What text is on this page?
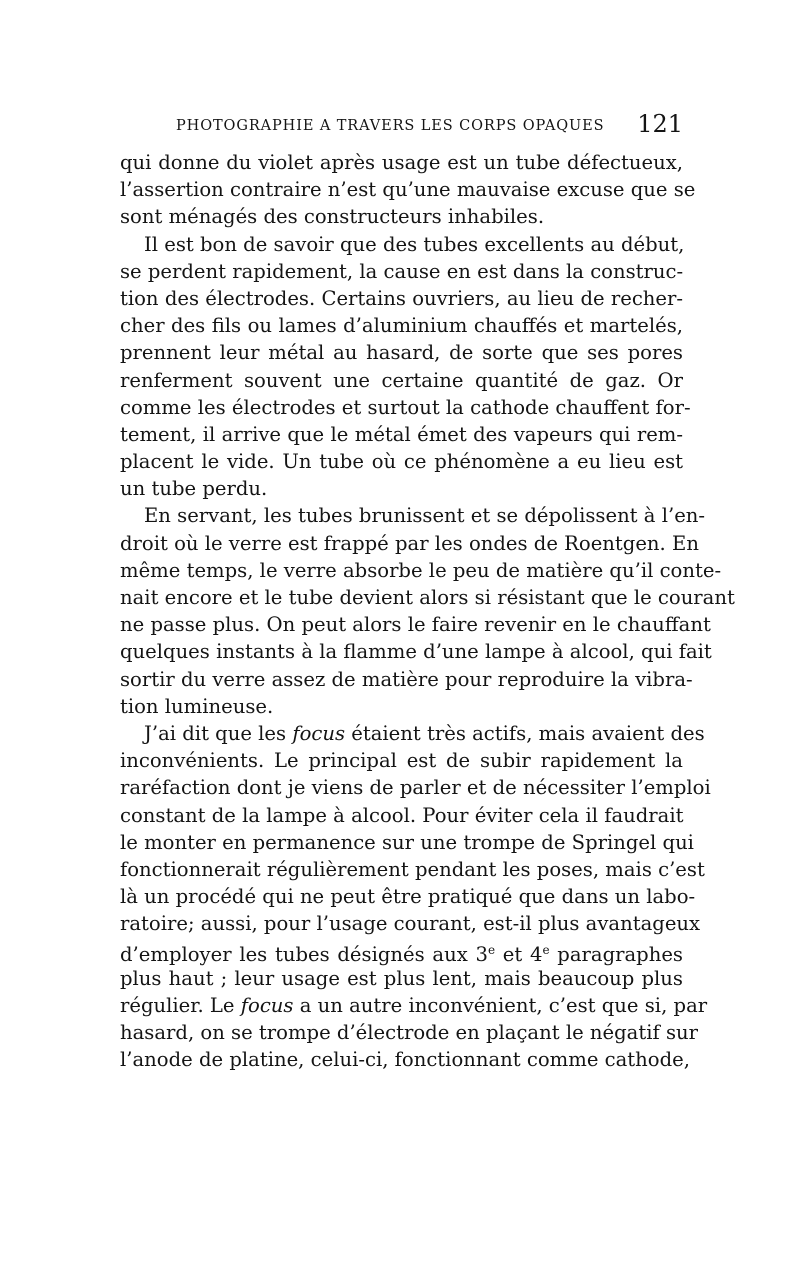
PHOTOGRAPHIE A TRAVERS LES CORPS OPAQUES 121
qui donne du violet après usage est un tube défectueux,
l’assertion contraire n’est qu’une mauvaise excuse que se
sont ménagés des constructeurs inhabiles.
Il est bon de savoir que des tubes excellents au début,
se perdent rapidement, la cause en est dans la construc-
tion des électrodes. Certains ouvriers, au lieu de recher-
cher des fils ou lames d’aluminium chauffés et martelés,
prennent leur métal au hasard, de sorte que ses pores
renferment souvent une certaine quantité de gaz. Or
comme les électrodes et surtout la cathode chauffent for-
tement, il arrive que le métal émet des vapeurs qui rem-
placent le vide. Un tube où ce phénomène a eu lieu est
un tube perdu.
En servant, les tubes brunissent et se dépolissent à l’en-
droit où le verre est frappé par les ondes de Roentgen. En
même temps, le verre absorbe le peu de matière qu’il conte-
nait encore et le tube devient alors si résistant que le courant
ne passe plus. On peut alors le faire revenir en le chauffant
quelques instants à la flamme d’une lampe à alcool, qui fait
sortir du verre assez de matière pour reproduire la vibra-
tion lumineuse.
J’ai dit que les focus étaient très actifs, mais avaient des
inconvénients. Le principal est de subir rapidement la
raréfaction dont je viens de parler et de nécessiter l’emploi
constant de la lampe à alcool. Pour éviter cela il faudrait
le monter en permanence sur une trompe de Springel qui
fonctionnerait régulièrement pendant les poses, mais c’est
là un procédé qui ne peut être pratiqué que dans un labo-
ratoire; aussi, pour l’usage courant, est-il plus avantageux
d’employer les tubes désignés aux 3e et 4e paragraphes
plus haut ; leur usage est plus lent, mais beaucoup plus
régulier. Le focus a un autre inconvénient, c’est que si, par
hasard, on se trompe d’électrode en plaçant le négatif sur
l’anode de platine, celui-ci, fonctionnant comme cathode,
